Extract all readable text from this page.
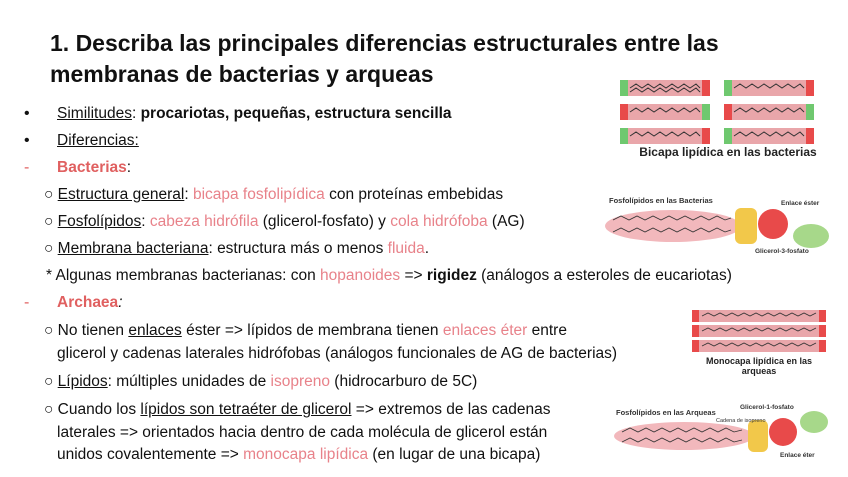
1. Describa las principales diferencias estructurales entre las membranas de bacterias y arqueas
• Similitudes: procariotas, pequeñas, estructura sencilla
• Diferencias:
- Bacterias:
○ Estructura general: bicapa fosfolipídica con proteínas embebidas
○ Fosfolípidos: cabeza hidrófila (glicerol-fosfato) y cola hidrófoba (AG)
○ Membrana bacteriana: estructura más o menos fluida.
* Algunas membranas bacterianas: con hopanoides => rigidez (análogos a esteroles de eucariotas)
- Archaea:
○ No tienen enlaces éster => lípidos de membrana tienen enlaces éter entre
glicerol y cadenas laterales hidrófobas (análogos funcionales de AG de bacterias)
○ Lípidos: múltiples unidades de isopreno (hidrocarburo de 5C)
○ Cuando los lípidos son tetraéter de glicerol => extremos de las cadenas
laterales => orientados hacia dentro de cada molécula de glicerol están
unidos covalentemente => monocapa lipídica (en lugar de una bicapa)
Bicapa lipídica en las bacterias
Fosfolípidos en las Bacterias	Enlace éster
Glicerol-3-fosfato
Monocapa lipídica en las arqueas
Fosfolípidos en las Arqueas
Glicerol-1-fosfato
Cadena de isopreno
Enlace éter
